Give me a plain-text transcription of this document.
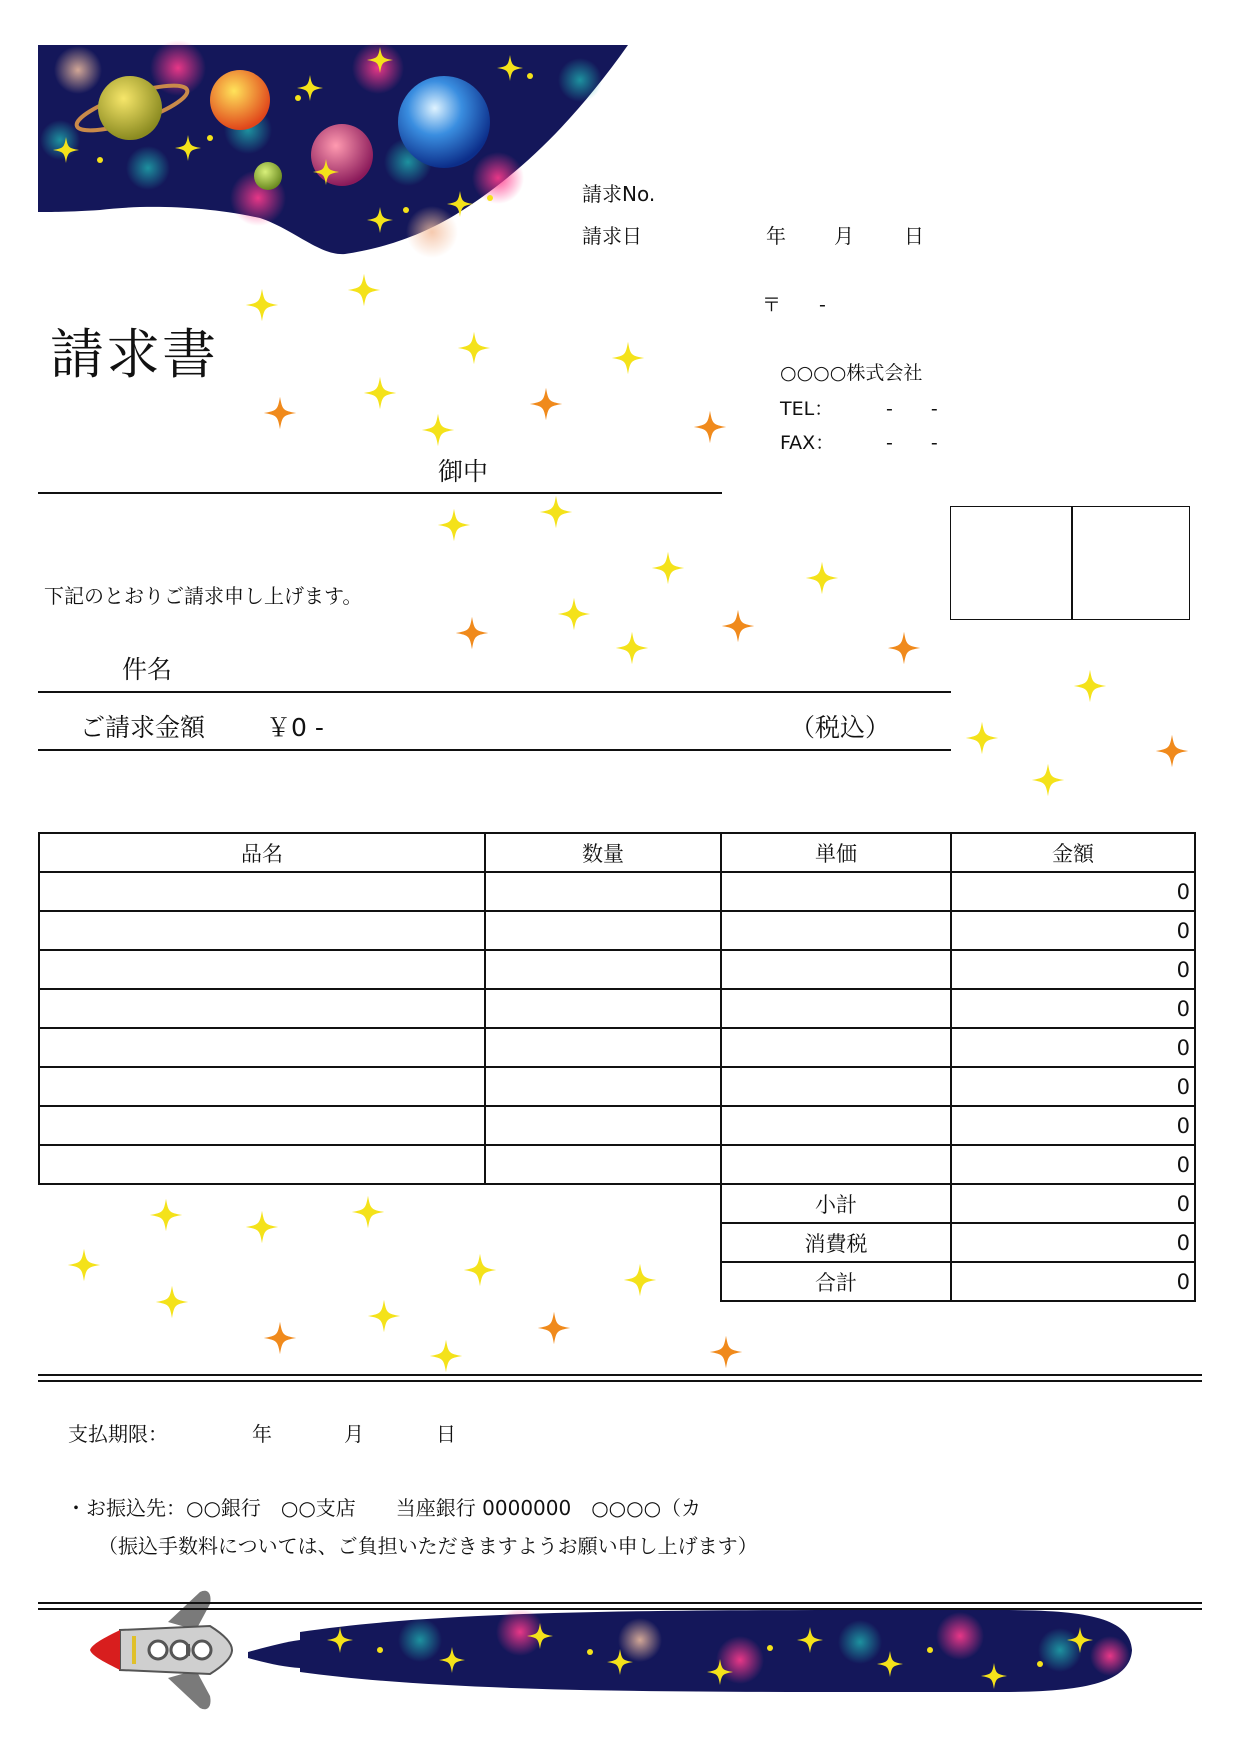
請求書
請求No.
請求日	年 月	日
〒　　-
○○○○株式会社
TEL：	-　　-
FAX：	-　　-
御中
下記のとおりご請求申し上げます。
件名
ご請求金額 ￥0 -	（税込）
品名	数量	単価	金額
			0
			0
			0
			0
			0
			0
			0
			0
		小計	0
		消費税	0
		合計	0
支払期限：	年	月	日
・お振込先：○○銀行　○○支店　　当座銀行 0000000　○○○○（カ
（振込手数料については、ご負担いただきますようお願い申し上げます）
